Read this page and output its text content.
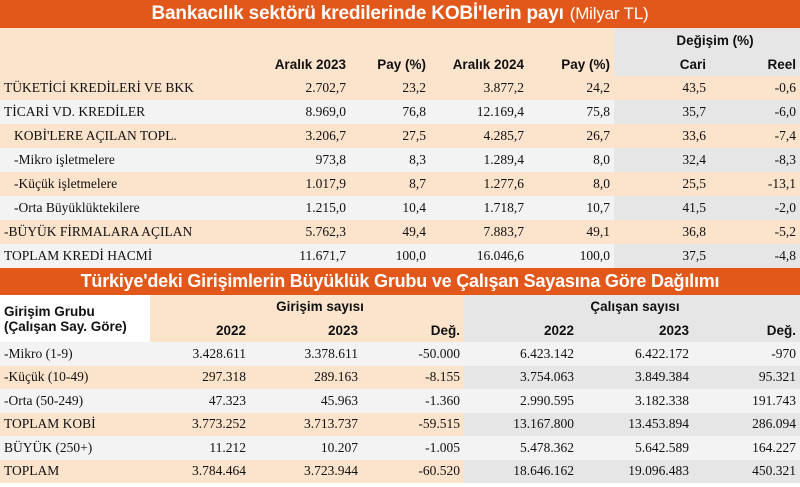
Bankacılık sektörü kredilerinde KOBİ'lerin payı (Milyar TL)
					Değişim (%)	
	Aralık 2023	Pay (%)	Aralık 2024	Pay (%)	Cari	Reel
TÜKETİCİ KREDİLERİ VE BKK	2.702,7	23,2	3.877,2	24,2	43,5	-0,6
TİCARİ VD. KREDİLER	8.969,0	76,8	12.169,4	75,8	35,7	-6,0
KOBİ'LERE AÇILAN TOPL.	3.206,7	27,5	4.285,7	26,7	33,6	-7,4
-Mikro işletmelere	973,8	8,3	1.289,4	8,0	32,4	-8,3
-Küçük işletmelere	1.017,9	8,7	1.277,6	8,0	25,5	-13,1
-Orta Büyüklüktekilere	1.215,0	10,4	1.718,7	10,7	41,5	-2,0
-BÜYÜK FİRMALARA AÇILAN	5.762,3	49,4	7.883,7	49,1	36,8	-5,2
TOPLAM KREDİ HACMİ	11.671,7	100,0	16.046,6	100,0	37,5	-4,8
Türkiye'deki Girişimlerin Büyüklük Grubu ve Çalışan Sayasına Göre Dağılımı
Girişim Grubu	Girişim sayısı			Çalışan sayısı		
(Çalışan Say. Göre)	2022	2023	Değ.	2022	2023	Değ.
-Mikro (1-9)	3.428.611	3.378.611	-50.000	6.423.142	6.422.172	-970
-Küçük (10-49)	297.318	289.163	-8.155	3.754.063	3.849.384	95.321
-Orta (50-249)	47.323	45.963	-1.360	2.990.595	3.182.338	191.743
TOPLAM KOBİ	3.773.252	3.713.737	-59.515	13.167.800	13.453.894	286.094
BÜYÜK (250+)	11.212	10.207	-1.005	5.478.362	5.642.589	164.227
TOPLAM	3.784.464	3.723.944	-60.520	18.646.162	19.096.483	450.321
